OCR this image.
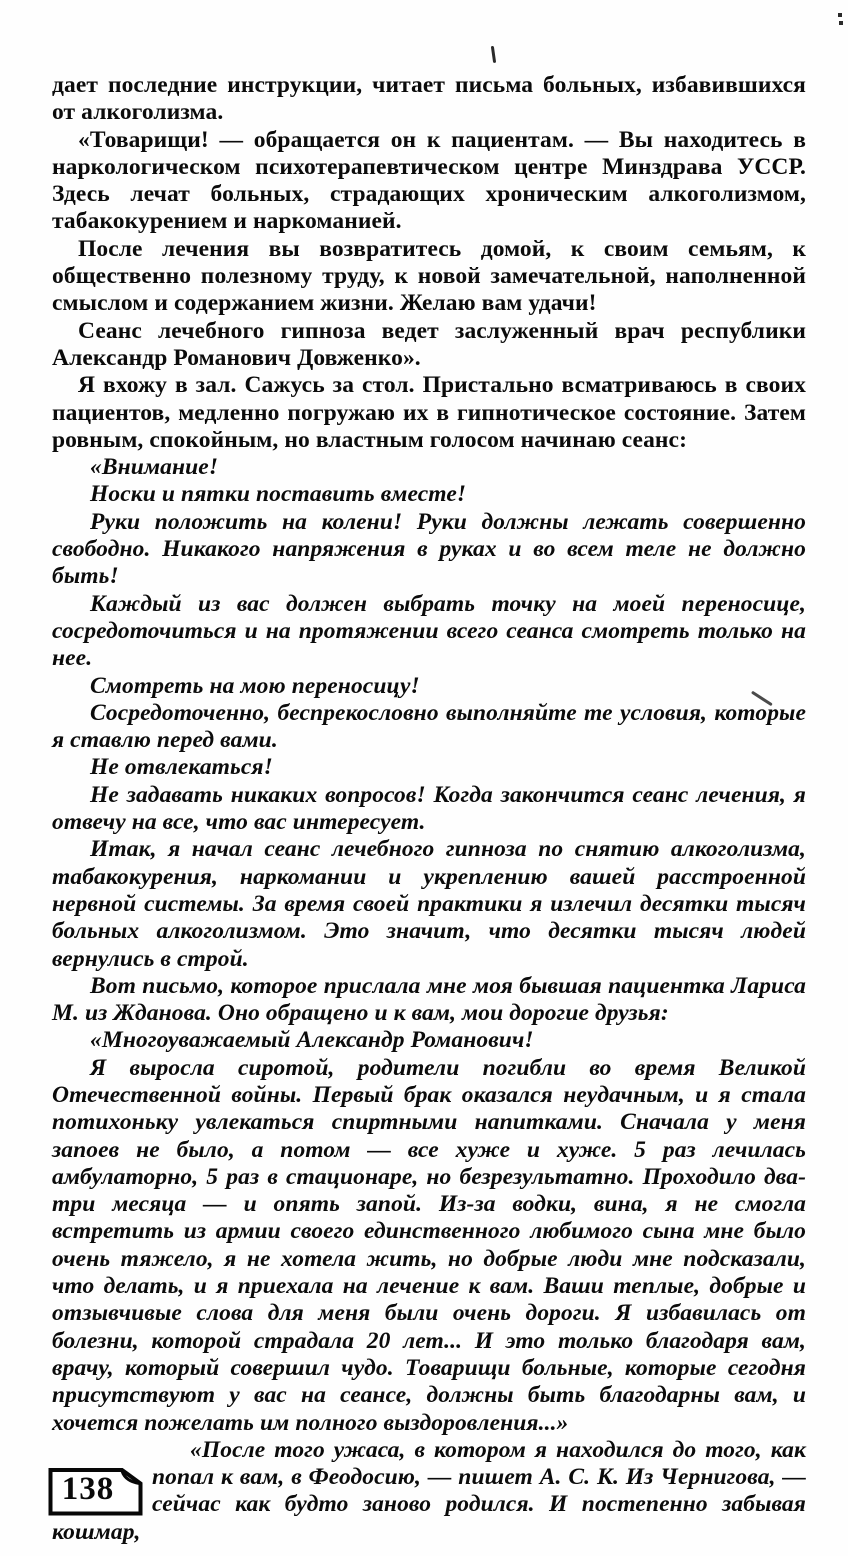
дает последние инструкции, читает письма больных, избавившихся от алкоголизма.

«Товарищи! — обращается он к пациентам. — Вы находитесь в наркологическом психотерапевтическом центре Минздрава УССР. Здесь лечат больных, страдающих хроническим алкоголизмом, табакокурением и наркоманией.

После лечения вы возвратитесь домой, к своим семьям, к общественно полезному труду, к новой замечательной, наполненной смыслом и содержанием жизни. Желаю вам удачи!

Сеанс лечебного гипноза ведет заслуженный врач республики Александр Романович Довженко».

Я вхожу в зал. Сажусь за стол. Пристально всматриваюсь в своих пациентов, медленно погружаю их в гипнотическое состояние. Затем ровным, спокойным, но властным голосом начинаю сеанс:

«Внимание!

Носки и пятки поставить вместе!

Руки положить на колени! Руки должны лежать совершенно свободно. Никакого напряжения в руках и во всем теле не должно быть!

Каждый из вас должен выбрать точку на моей переносице, сосредоточиться и на протяжении всего сеанса смотреть только на нее.

Смотреть на мою переносицу!

Сосредоточенно, беспрекословно выполняйте те условия, которые я ставлю перед вами.

Не отвлекаться!

Не задавать никаких вопросов! Когда закончится сеанс лечения, я отвечу на все, что вас интересует.

Итак, я начал сеанс лечебного гипноза по снятию алкоголизма, табакокурения, наркомании и укреплению вашей расстроенной нервной системы. За время своей практики я излечил десятки тысяч больных алкоголизмом. Это значит, что десятки тысяч людей вернулись в строй.

Вот письмо, которое прислала мне моя бывшая пациентка Лариса М. из Жданова. Оно обращено и к вам, мои дорогие друзья:

«Многоуважаемый Александр Романович!

Я выросла сиротой, родители погибли во время Великой Отечественной войны. Первый брак оказался неудачным, и я стала потихоньку увлекаться спиртными напитками. Сначала у меня запоев не было, а потом — все хуже и хуже. 5 раз лечилась амбулаторно, 5 раз в стационаре, но безрезультатно. Проходило два-три месяца — и опять запой. Из-за водки, вина, я не смогла встретить из армии своего единственного любимого сына мне было очень тяжело, я не хотела жить, но добрые люди мне подсказали, что делать, и я приехала на лечение к вам. Ваши теплые, добрые и отзывчивые слова для меня были очень дороги. Я избавилась от болезни, которой страдала 20 лет... И это только благодаря вам, врачу, который совершил чудо. Товарищи больные, которые сегодня присутствуют у вас на сеансе, должны быть благодарны вам, и хочется пожелать им полного выздоровления...»

138

«После того ужаса, в котором я находился до того, как попал к вам, в Феодосию, — пишет А. С. К. Из Чернигова, — сейчас как будто заново родился. И постепенно забывая кошмар,
